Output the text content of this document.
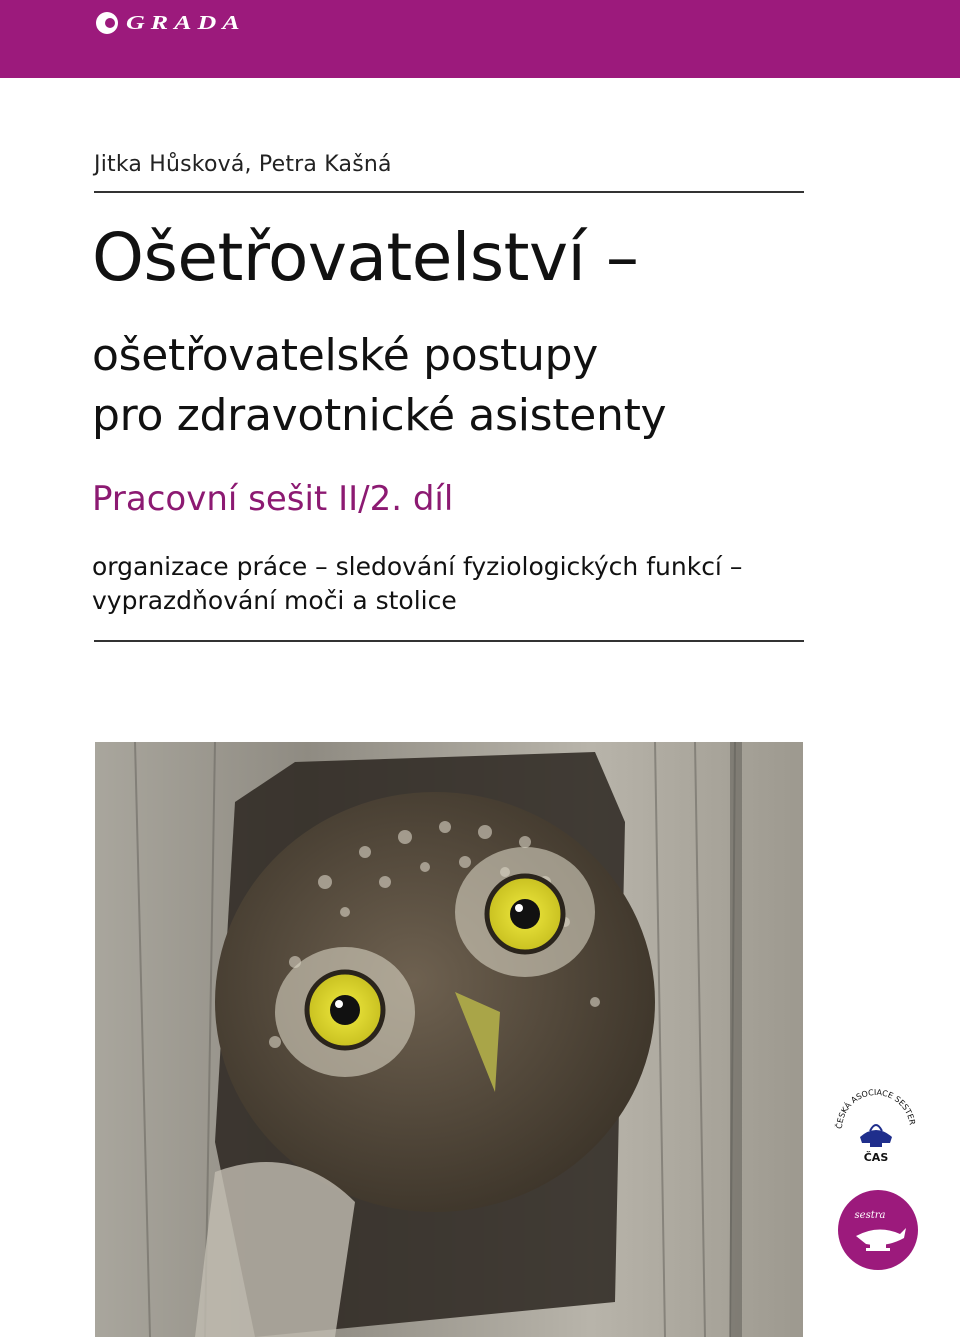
GRADA
Jitka Hůsková, Petra Kašná
Ošetřovatelství –
ošetřovatelské postupy
pro zdravotnické asistenty
Pracovní sešit II/2. díl
organizace práce – sledování fyziologických funkcí –
vyprazdňování moči a stolice
ČESKÁ ASOCIACE SESTER
ČAS
sestra
